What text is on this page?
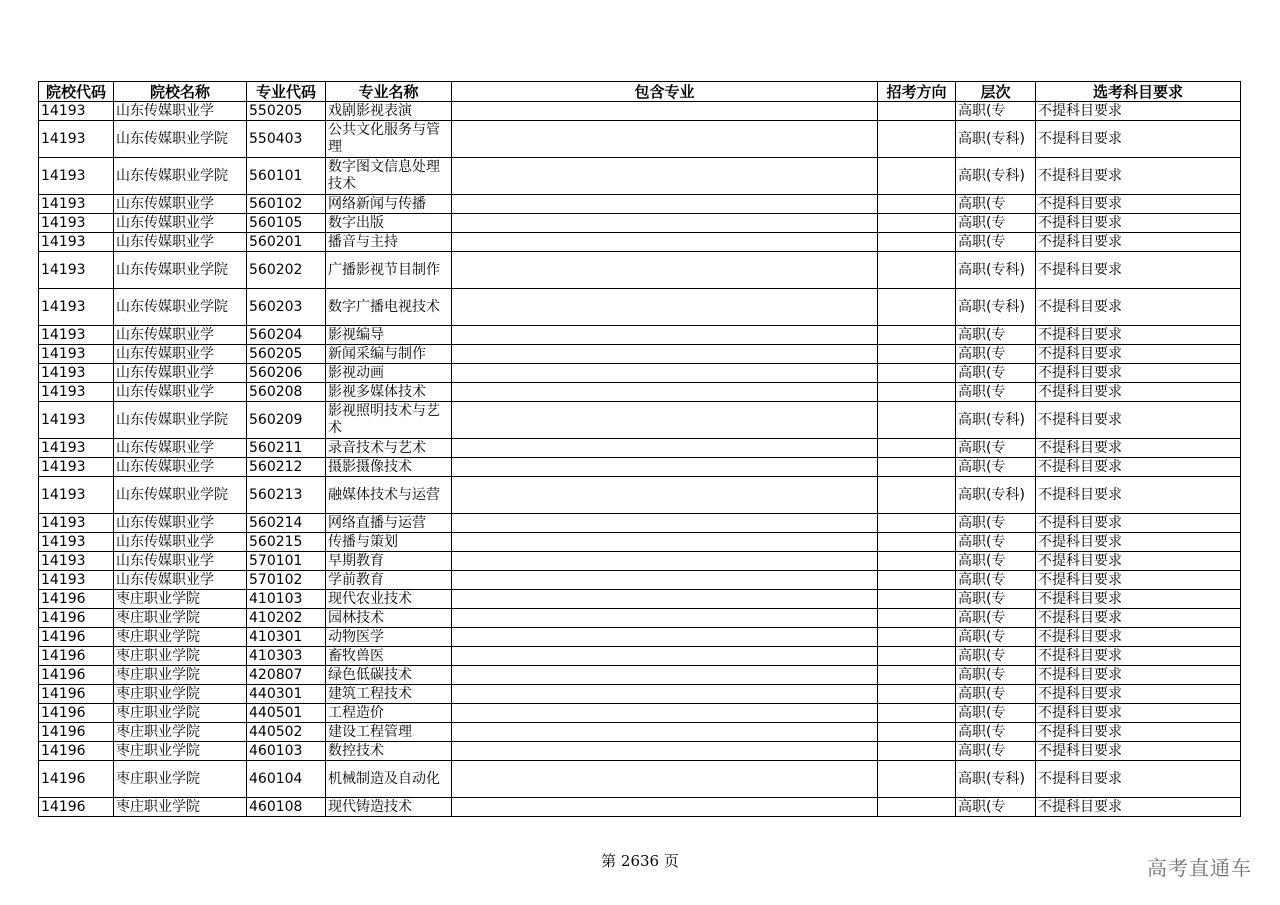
院校代码	院校名称	专业代码	专业名称	包含专业	招考方向	层次	选考科目要求
14193	山东传媒职业学	550205	戏剧影视表演			高职(专	不提科目要求
14193	山东传媒职业学院	550403	公共文化服务与管理			高职(专科)	不提科目要求
14193	山东传媒职业学院	560101	数字图文信息处理技术			高职(专科)	不提科目要求
14193	山东传媒职业学	560102	网络新闻与传播			高职(专	不提科目要求
14193	山东传媒职业学	560105	数字出版			高职(专	不提科目要求
14193	山东传媒职业学	560201	播音与主持			高职(专	不提科目要求
14193	山东传媒职业学院	560202	广播影视节目制作			高职(专科)	不提科目要求
14193	山东传媒职业学院	560203	数字广播电视技术			高职(专科)	不提科目要求
14193	山东传媒职业学	560204	影视编导			高职(专	不提科目要求
14193	山东传媒职业学	560205	新闻采编与制作			高职(专	不提科目要求
14193	山东传媒职业学	560206	影视动画			高职(专	不提科目要求
14193	山东传媒职业学	560208	影视多媒体技术			高职(专	不提科目要求
14193	山东传媒职业学院	560209	影视照明技术与艺术			高职(专科)	不提科目要求
14193	山东传媒职业学	560211	录音技术与艺术			高职(专	不提科目要求
14193	山东传媒职业学	560212	摄影摄像技术			高职(专	不提科目要求
14193	山东传媒职业学院	560213	融媒体技术与运营			高职(专科)	不提科目要求
14193	山东传媒职业学	560214	网络直播与运营			高职(专	不提科目要求
14193	山东传媒职业学	560215	传播与策划			高职(专	不提科目要求
14193	山东传媒职业学	570101	早期教育			高职(专	不提科目要求
14193	山东传媒职业学	570102	学前教育			高职(专	不提科目要求
14196	枣庄职业学院	410103	现代农业技术			高职(专	不提科目要求
14196	枣庄职业学院	410202	园林技术			高职(专	不提科目要求
14196	枣庄职业学院	410301	动物医学			高职(专	不提科目要求
14196	枣庄职业学院	410303	畜牧兽医			高职(专	不提科目要求
14196	枣庄职业学院	420807	绿色低碳技术			高职(专	不提科目要求
14196	枣庄职业学院	440301	建筑工程技术			高职(专	不提科目要求
14196	枣庄职业学院	440501	工程造价			高职(专	不提科目要求
14196	枣庄职业学院	440502	建设工程管理			高职(专	不提科目要求
14196	枣庄职业学院	460103	数控技术			高职(专	不提科目要求
14196	枣庄职业学院	460104	机械制造及自动化			高职(专科)	不提科目要求
14196	枣庄职业学院	460108	现代铸造技术			高职(专	不提科目要求
第 2636 页	高考直通车
